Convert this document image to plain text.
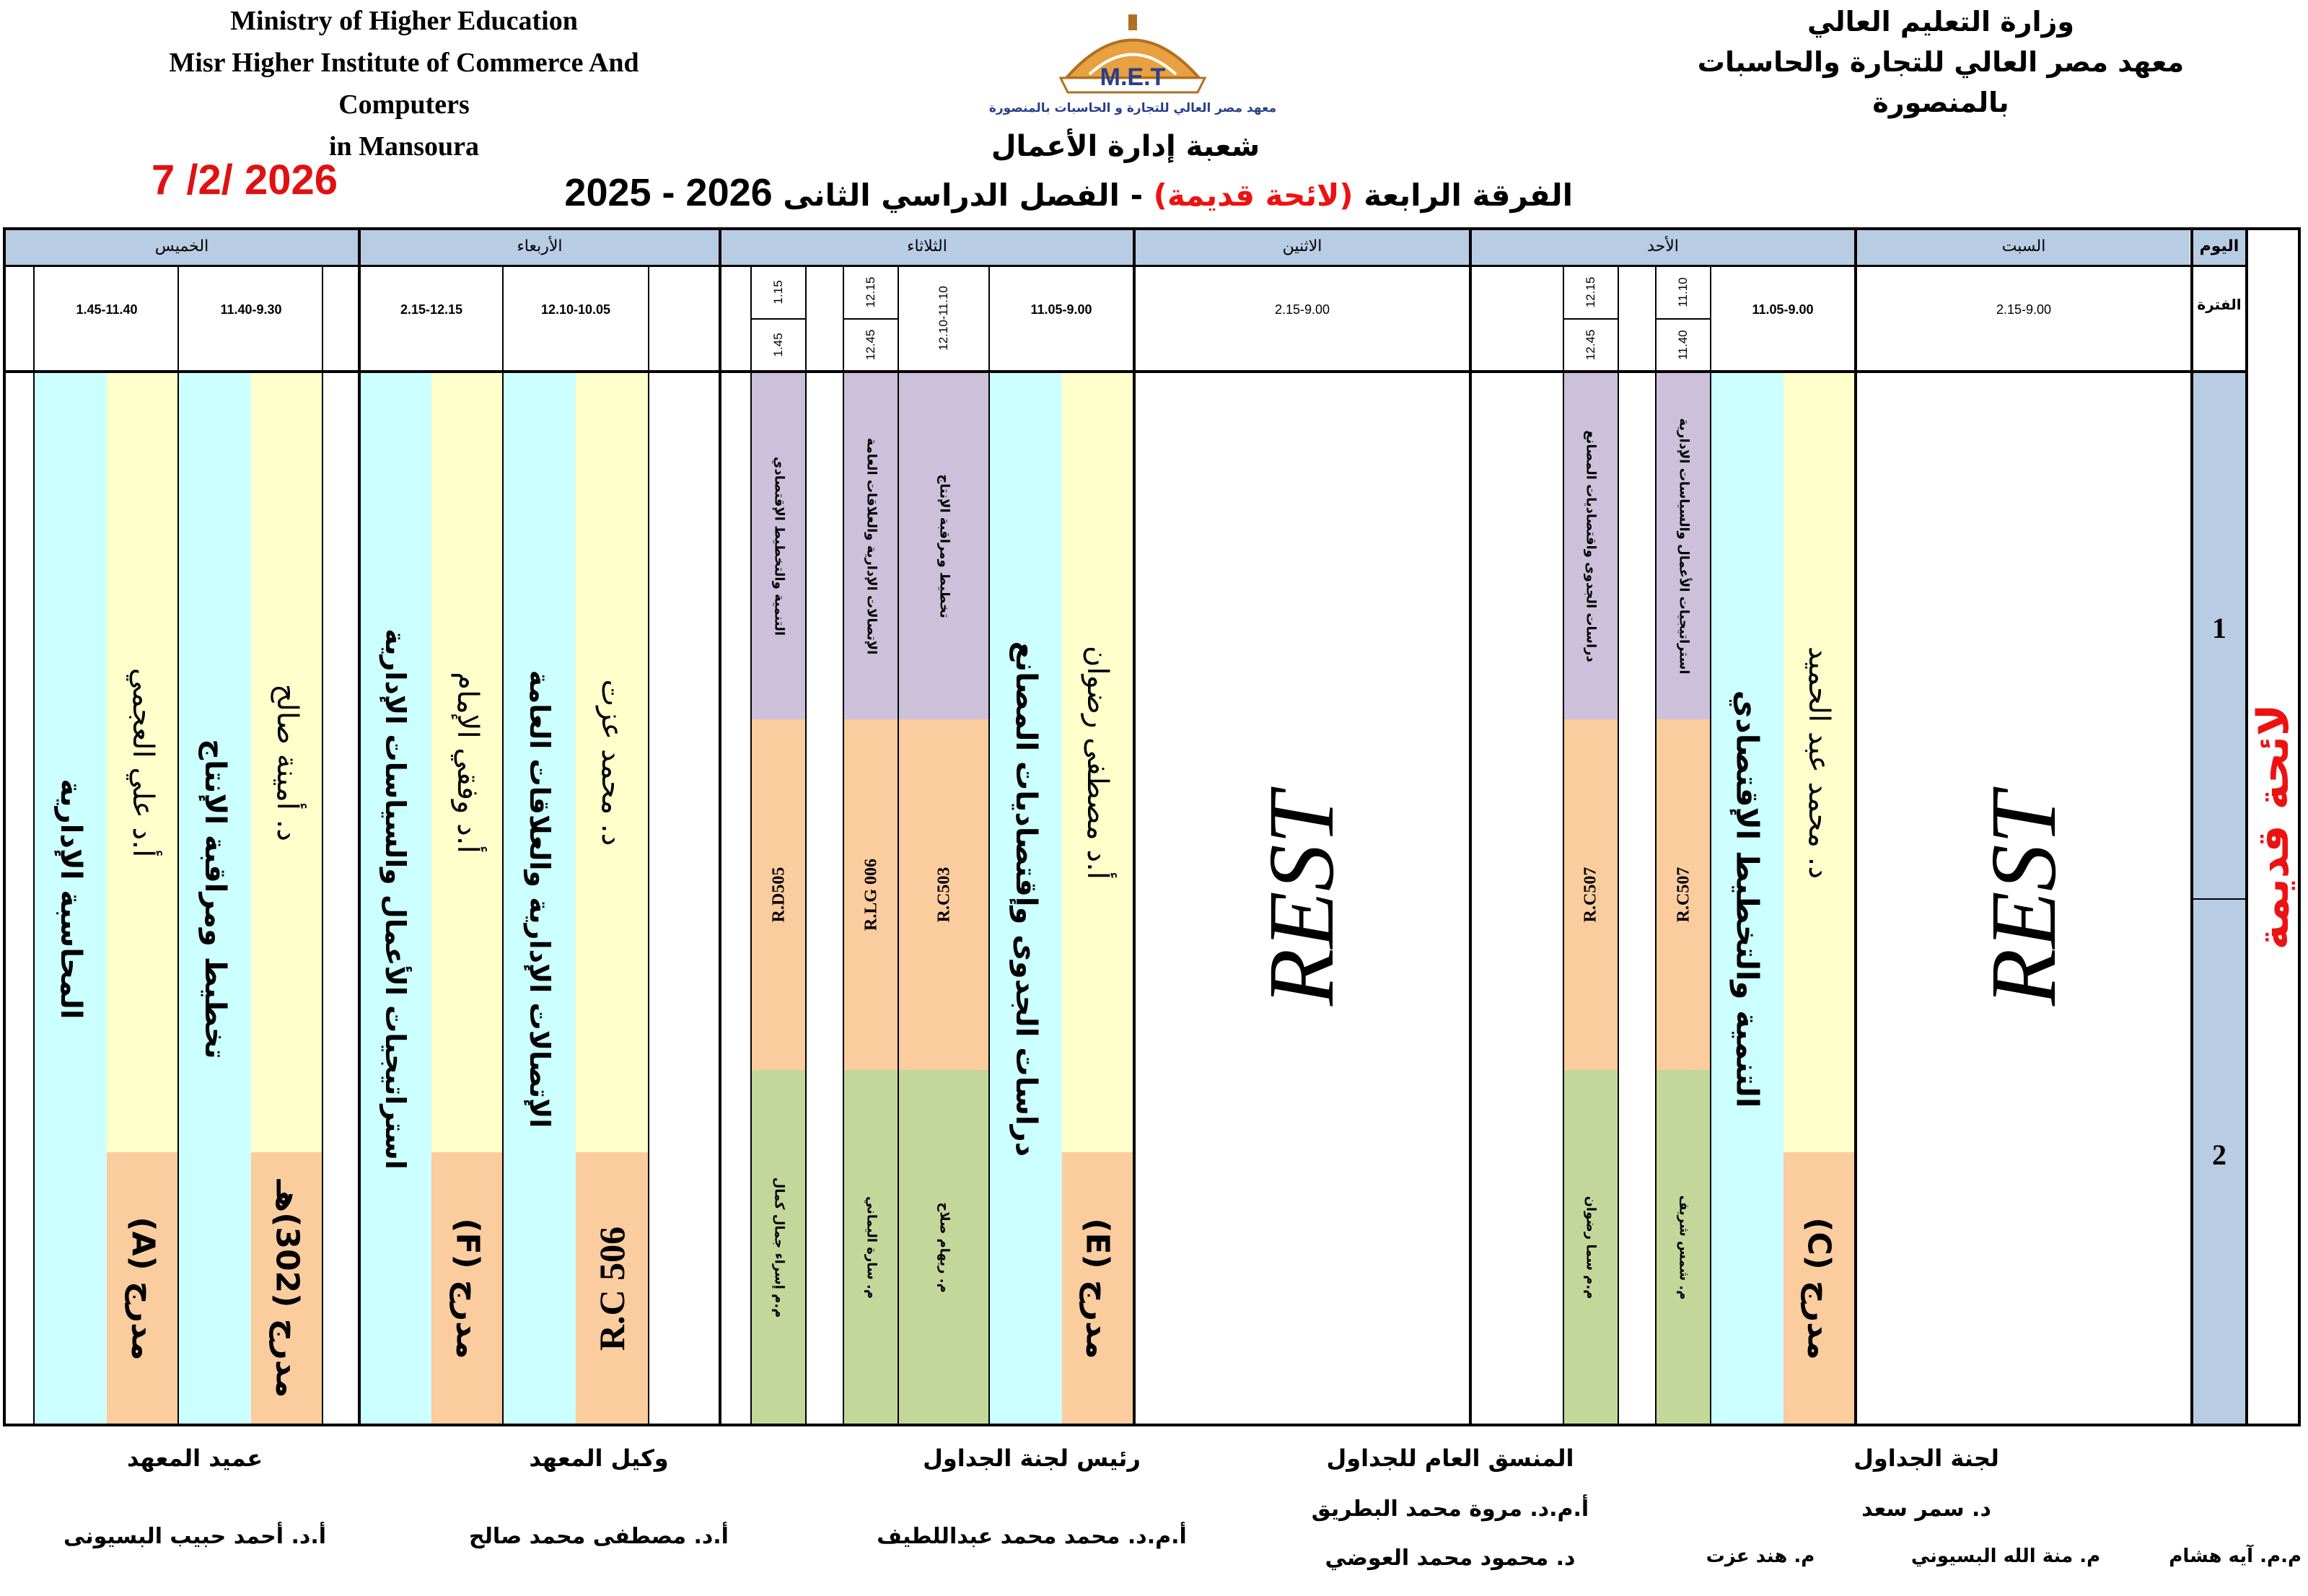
Ministry of Higher Education
Misr Higher Institute of Commerce And Computers
in Mansoura
وزارة التعليم العالي
معهد مصر العالي للتجارة والحاسبات
بالمنصورة
M.E.T
معهد مصر العالي للتجارة و الحاسبات بالمنصورة
شعبة إدارة الأعمال
الفرقة الرابعة (لائحة قديمة) - الفصل الدراسي الثانى 2025 - 2026
7 /2/ 2026
REST
د. محمد عبد الحميد
مدرج (C)
التنمية والتخطيط الإقتصادي
استراتيجيات الأعمال والسياسات الإدارية
R.C507
م. شمس شريف
دراسات الجدوى واقتصاديات المصانع
R.C507
م.م سما رضوان
REST
أ.د مصطفى رضوان
مدرج (E)
دراسات الجدوى وإقتصاديات المصانع
تخطيط ومراقبة الإنتاج
R.C503
م. ريهام صلاح
الإتصالات الإدارية والعلاقات العامة
R.LG 006
م. سارة اليماني
التنمية والتخطيط الإقتصادي
R.D505
م.م إسراء جمال كمال
د. محمد عزت
R.C 506
الإتصالات الإدارية والعلاقات العامة
أ.د وفقي الإمام
مدرج (F)
استراتيجيات الأعمال والسياسات الإدارية
د. أمينة صالح
مدرج (302)هـ
تخطيط ومراقبة الإنتاج
أ.د علي العجمي
مدرج (A)
المحاسبة الإدارية
اليوم
السبت
الأحد
الاثنين
الثلاثاء
الأربعاء
الخميس
الفترة
2.15-9.00
11.05-9.00
11.10
11.40
12.15
12.45
2.15-9.00
11.05-9.00
12.10-11.10
12.15
12.45
1.15
1.45
12.10-10.05
2.15-12.15
11.40-9.30
1.45-11.40
1
2
لائحة قديمة
لجنة الجداول
د. سمر سعد
م.م. آيه هشام
م. منة الله البسيوني
م. هند عزت
المنسق العام للجداول
أ.م.د. مروة محمد البطريق
د. محمود محمد العوضي
رئيس لجنة الجداول
أ.م.د. محمد محمد عبداللطيف
وكيل المعهد
أ.د. مصطفى محمد صالح
عميد المعهد
أ.د. أحمد حبيب البسيونى
